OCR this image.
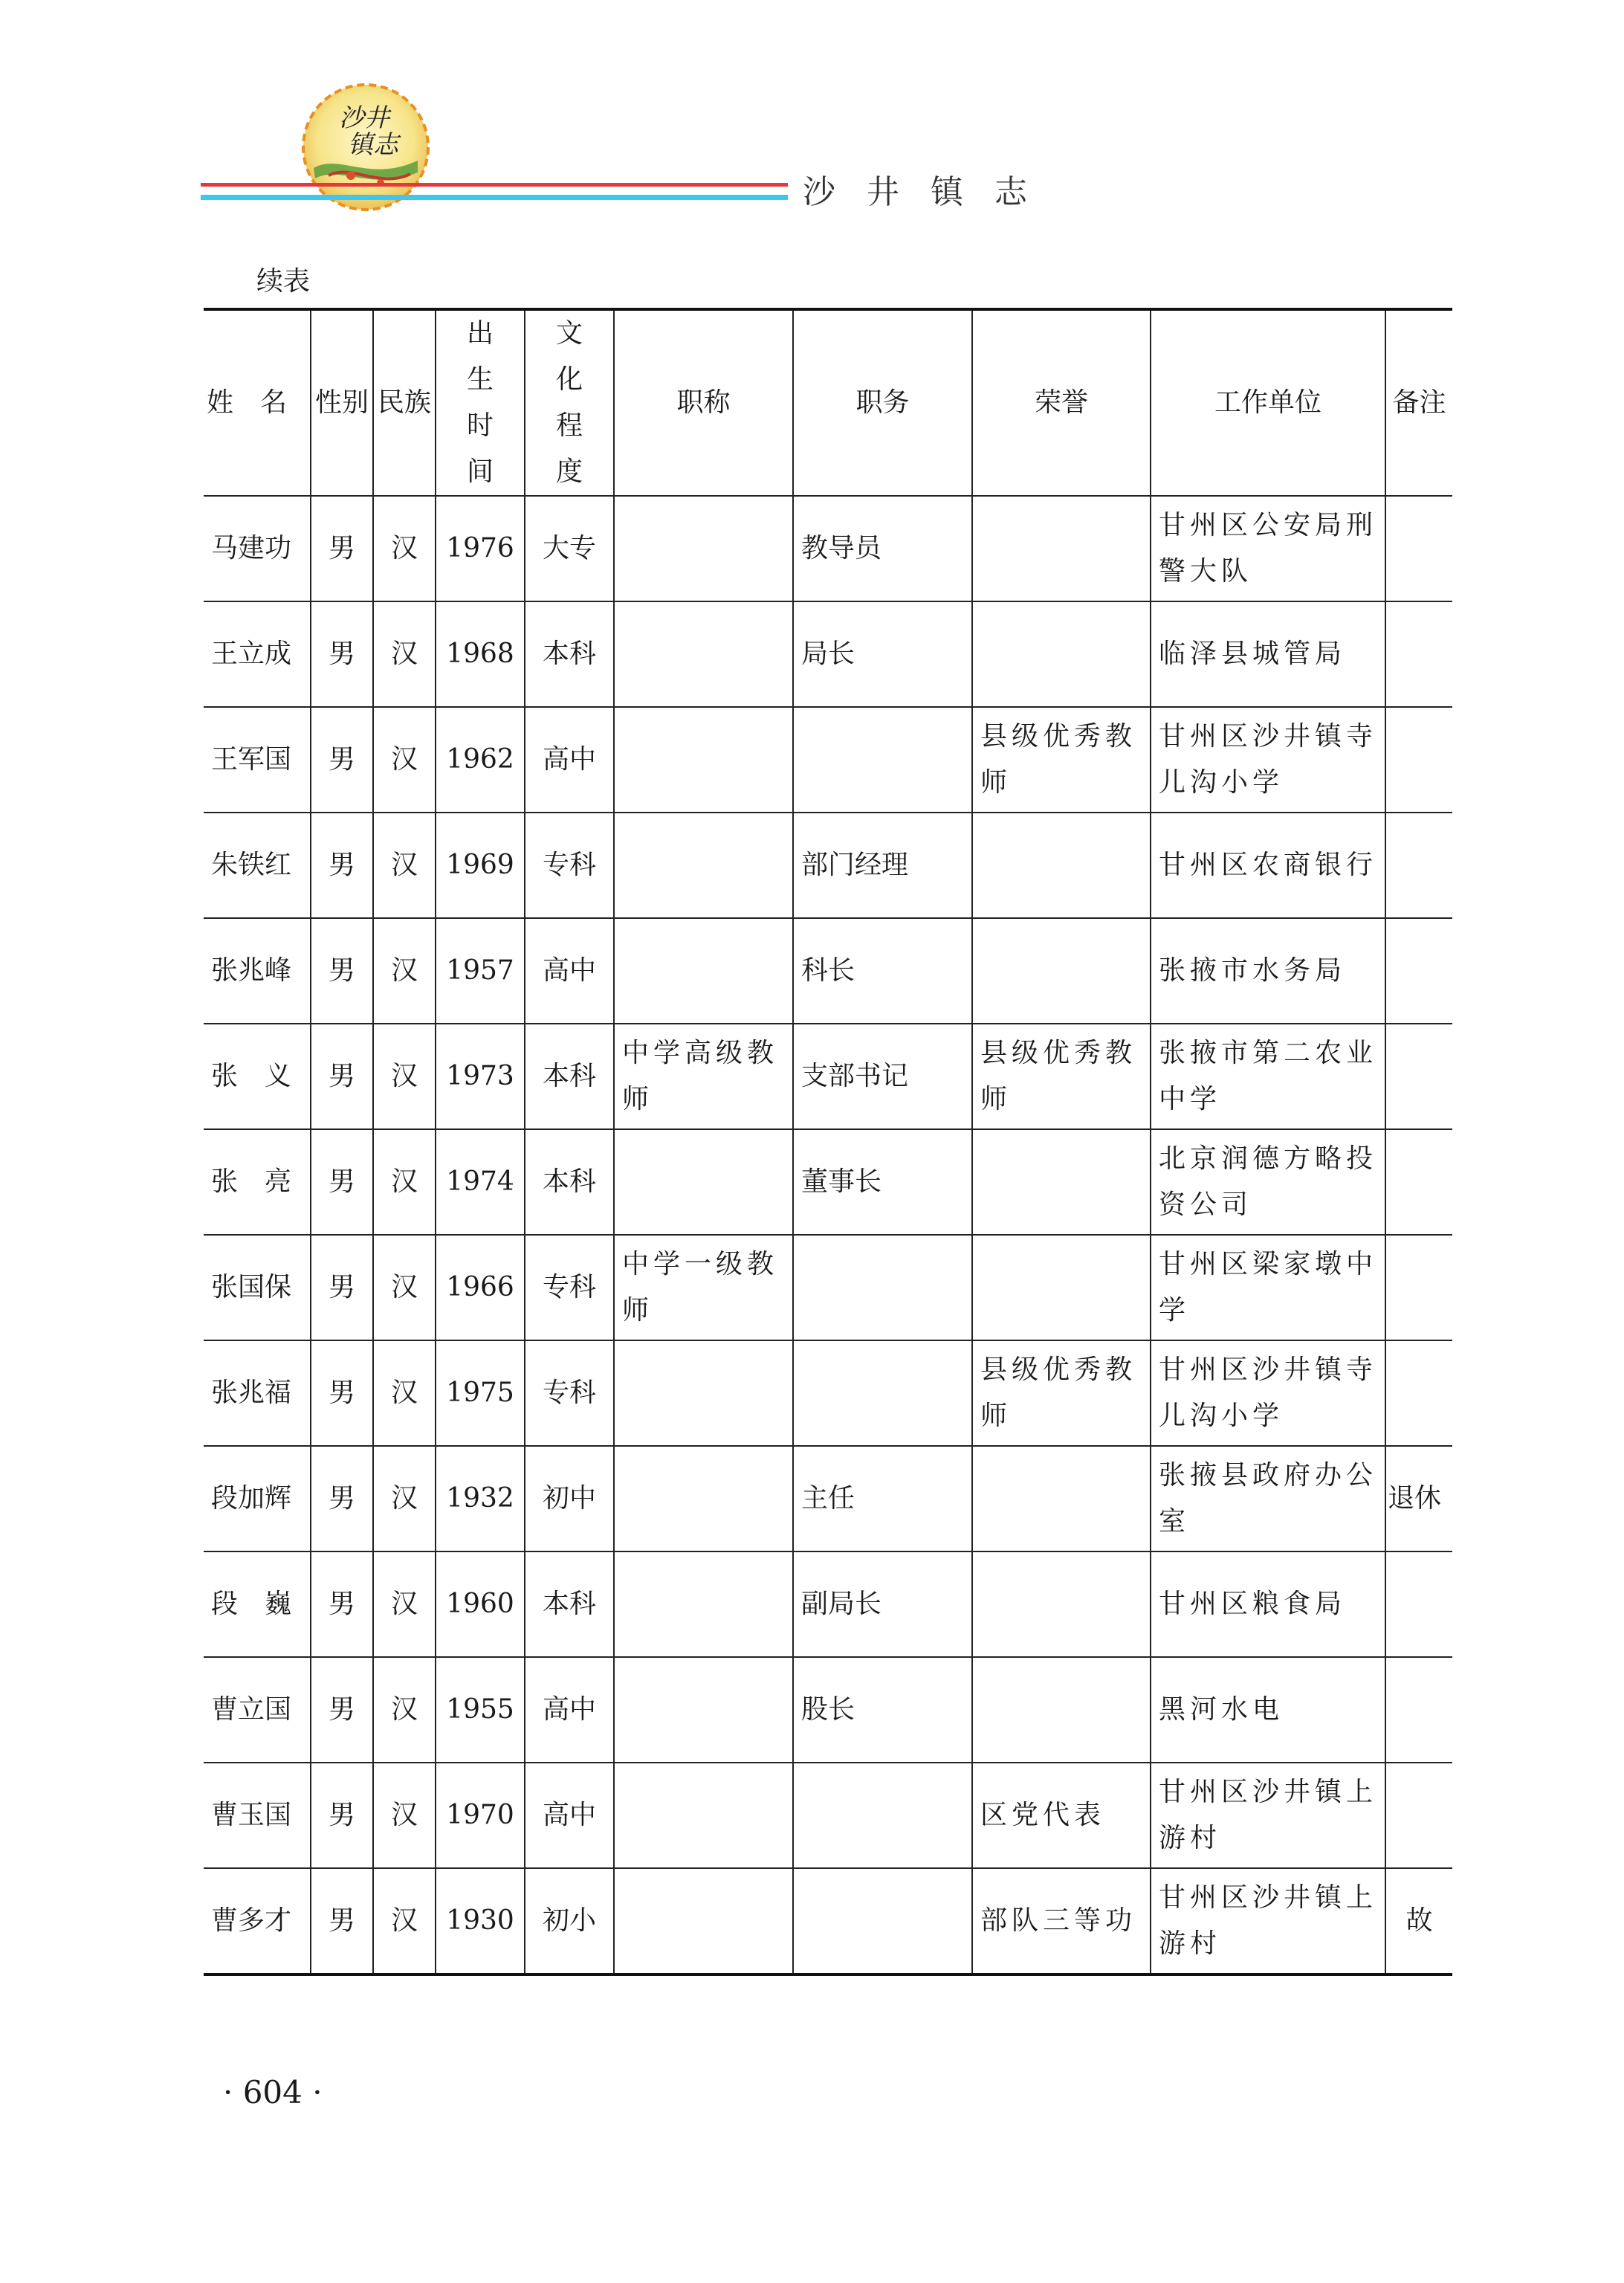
沙井
镇志
沙 井 镇 志
续表
姓　名	性别	民族	出生时间	文化程度	职称	职务	荣誉	工作单位	备注
马建功	男	汉	1976	大专		教导员		甘州区公安局刑警大队	
王立成	男	汉	1968	本科		局长		临泽县城管局	
王军国	男	汉	1962	高中			县级优秀教师	甘州区沙井镇寺儿沟小学	
朱铁红	男	汉	1969	专科		部门经理		甘州区农商银行	
张兆峰	男	汉	1957	高中		科长		张掖市水务局	
张　义	男	汉	1973	本科	中学高级教师	支部书记	县级优秀教师	张掖市第二农业中学	
张　亮	男	汉	1974	本科		董事长		北京润德方略投资公司	
张国保	男	汉	1966	专科	中学一级教师			甘州区梁家墩中学	
张兆福	男	汉	1975	专科			县级优秀教师	甘州区沙井镇寺儿沟小学	
段加辉	男	汉	1932	初中		主任		张掖县政府办公室	退休
段　巍	男	汉	1960	本科		副局长		甘州区粮食局	
曹立国	男	汉	1955	高中		股长		黑河水电	
曹玉国	男	汉	1970	高中			区党代表	甘州区沙井镇上游村	
曹多才	男	汉	1930	初小			部队三等功	甘州区沙井镇上游村	故
· 604 ·
